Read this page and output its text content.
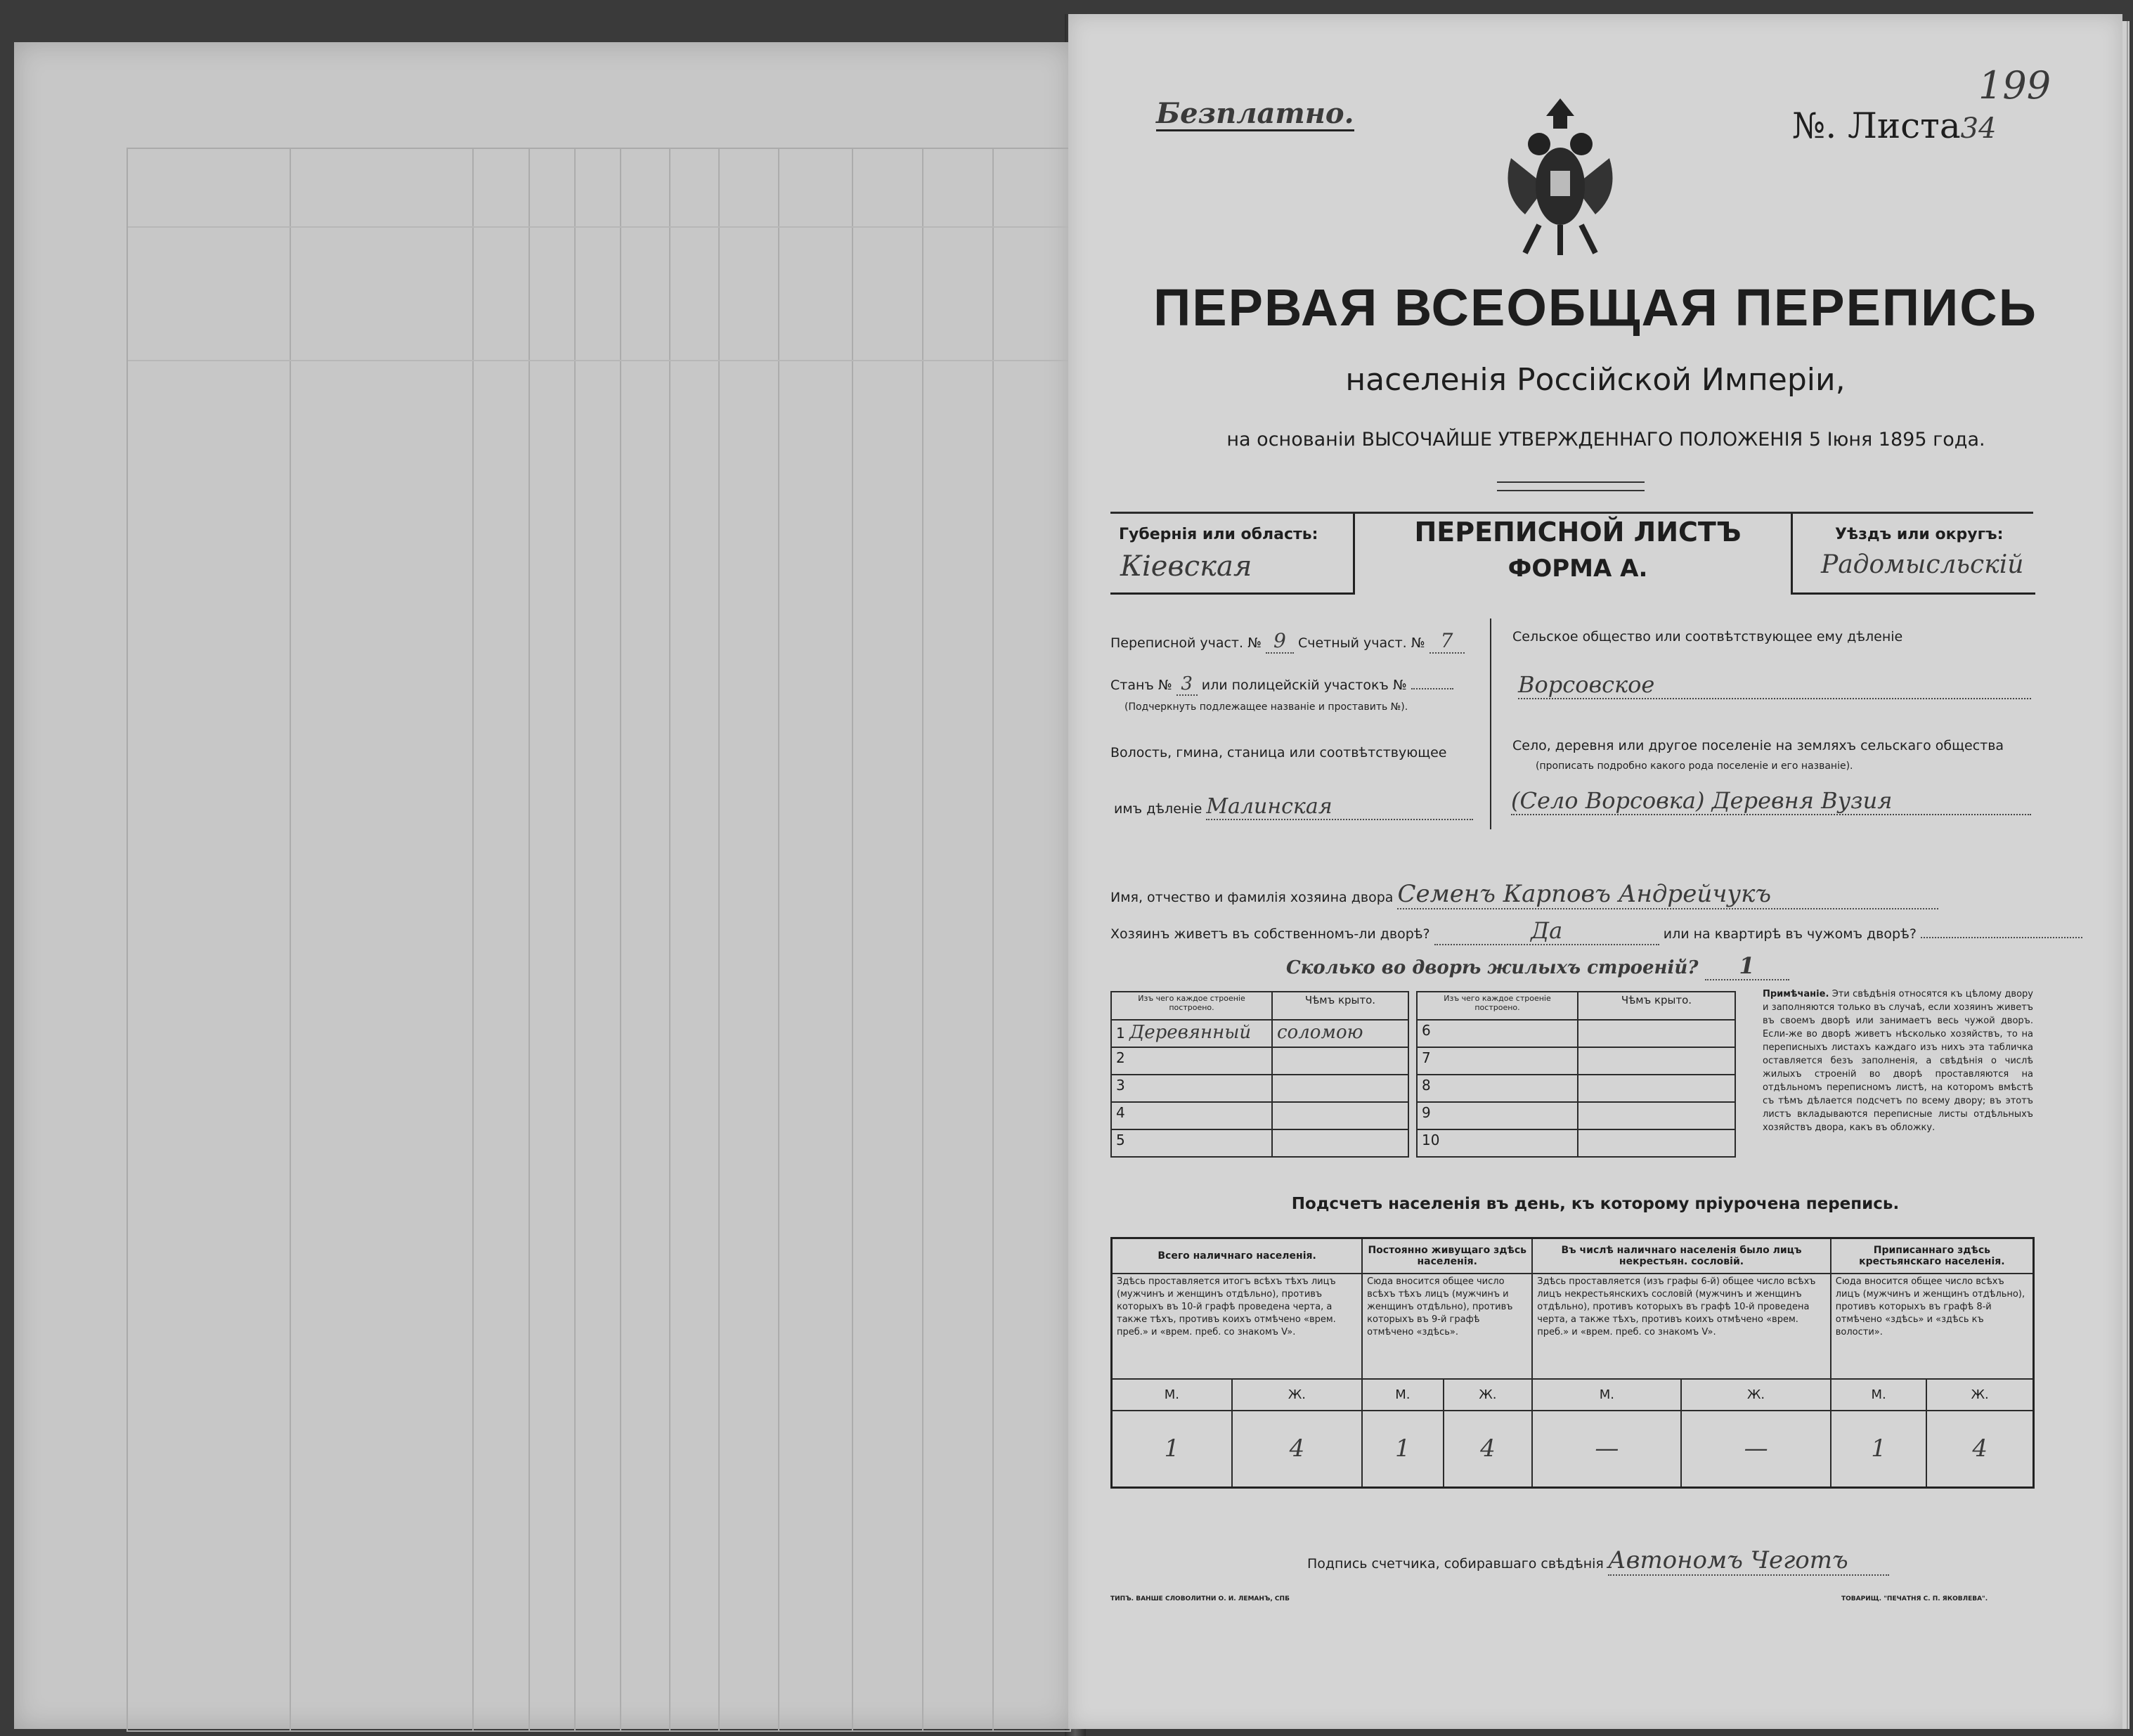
Безплатно.	№. Листа34
199
ПЕРВАЯ ВСЕОБЩАЯ ПЕРЕПИСЬ
населенія Россійской Имперіи,
на основаніи ВЫСОЧАЙШЕ УТВЕРЖДЕННАГО ПОЛОЖЕНІЯ 5 Іюня 1895 года.
Губернія или область:
Кіевская
ПЕРЕПИСНОЙ ЛИСТЪ
ФОРМА А.
Уѣздъ или округъ:
Радомысльскій
Переписной участ. № 9 Счетный участ. № 7
Станъ № 3 или полицейскій участокъ №
(Подчеркнуть подлежащее названіе и проставить №).
Волость, гмина, станица или соотвѣтствующее
имъ дѣленіе Малинская
Сельское общество или соотвѣтствующее ему дѣленіе
Ворсовское
Село, деревня или другое поселеніе на земляхъ сельскаго общества
(прописать подробно какого рода поселеніе и его названіе).
(Село Ворсовка) Деревня Вузия
Имя, отчество и фамилія хозяина двора Семенъ Карповъ Андрейчукъ
Хозяинъ живетъ въ собственномъ-ли дворѣ?	Да	или на квартирѣ въ чужомъ дворѣ?
Сколько во дворѣ жилыхъ строеній? 1
Изъ чего каждое строеніе построено.	Чѣмъ крыто.
1 Деревянный	соломою
2	
3	
4	
5	
Изъ чего каждое строеніе построено.	Чѣмъ крыто.
6	
7	
8	
9	
10	
Примѣчаніе. Эти свѣдѣнія относятся къ цѣлому двору и заполняются только въ случаѣ, если хозяинъ живетъ въ своемъ дворѣ или занимаетъ весь чужой дворъ. Если-же во дворѣ живетъ нѣсколько хозяйствъ, то на переписныхъ листахъ каждаго изъ нихъ эта табличка оставляется безъ заполненія, а свѣдѣнія о числѣ жилыхъ строеній во дворѣ проставляются на отдѣльномъ переписномъ листѣ, на которомъ вмѣстѣ съ тѣмъ дѣлается подсчетъ по всему двору; въ этотъ листъ вкладываются переписные листы отдѣльныхъ хозяйствъ двора, какъ въ обложку.
Подсчетъ населенія въ день, къ которому пріурочена перепись.
Всего наличнаго населенія.		Постоянно живущаго здѣсь населенія.		Въ числѣ наличнаго населенія было лицъ некрестьян. сословій.		Приписаннаго здѣсь крестьянскаго населенія.	
Здѣсь проставляется итогъ всѣхъ тѣхъ лицъ (мужчинъ и женщинъ отдѣльно), противъ которыхъ въ 10-й графѣ проведена черта, а также тѣхъ, противъ коихъ отмѣчено «врем. преб.» и «врем. преб. со знакомъ V».		Сюда вносится общее число всѣхъ тѣхъ лицъ (мужчинъ и женщинъ отдѣльно), противъ которыхъ въ 9-й графѣ отмѣчено «здѣсь».		Здѣсь проставляется (изъ графы 6-й) общее число всѣхъ лицъ некрестьянскихъ сословій (мужчинъ и женщинъ отдѣльно), противъ которыхъ въ графѣ 10-й проведена черта, а также тѣхъ, противъ коихъ отмѣчено «врем. преб.» и «врем. преб. со знакомъ V».		Сюда вносится общее число всѣхъ лицъ (мужчинъ и женщинъ отдѣльно), противъ которыхъ въ графѣ 8-й отмѣчено «здѣсь» и «здѣсь къ волости».	
М.	Ж.	М.	Ж.	М.	Ж.	М.	Ж.
1	4	1	4	—	—	1	4
Подпись счетчика, собиравшаго свѣдѣнія Автономъ Чеготъ
ТИПЪ. ВАНШЕ СЛОВОЛИТНИ О. И. ЛЕМАНЪ, СПБ	ТОВАРИЩ. "ПЕЧАТНЯ С. П. ЯКОВЛЕВА".
